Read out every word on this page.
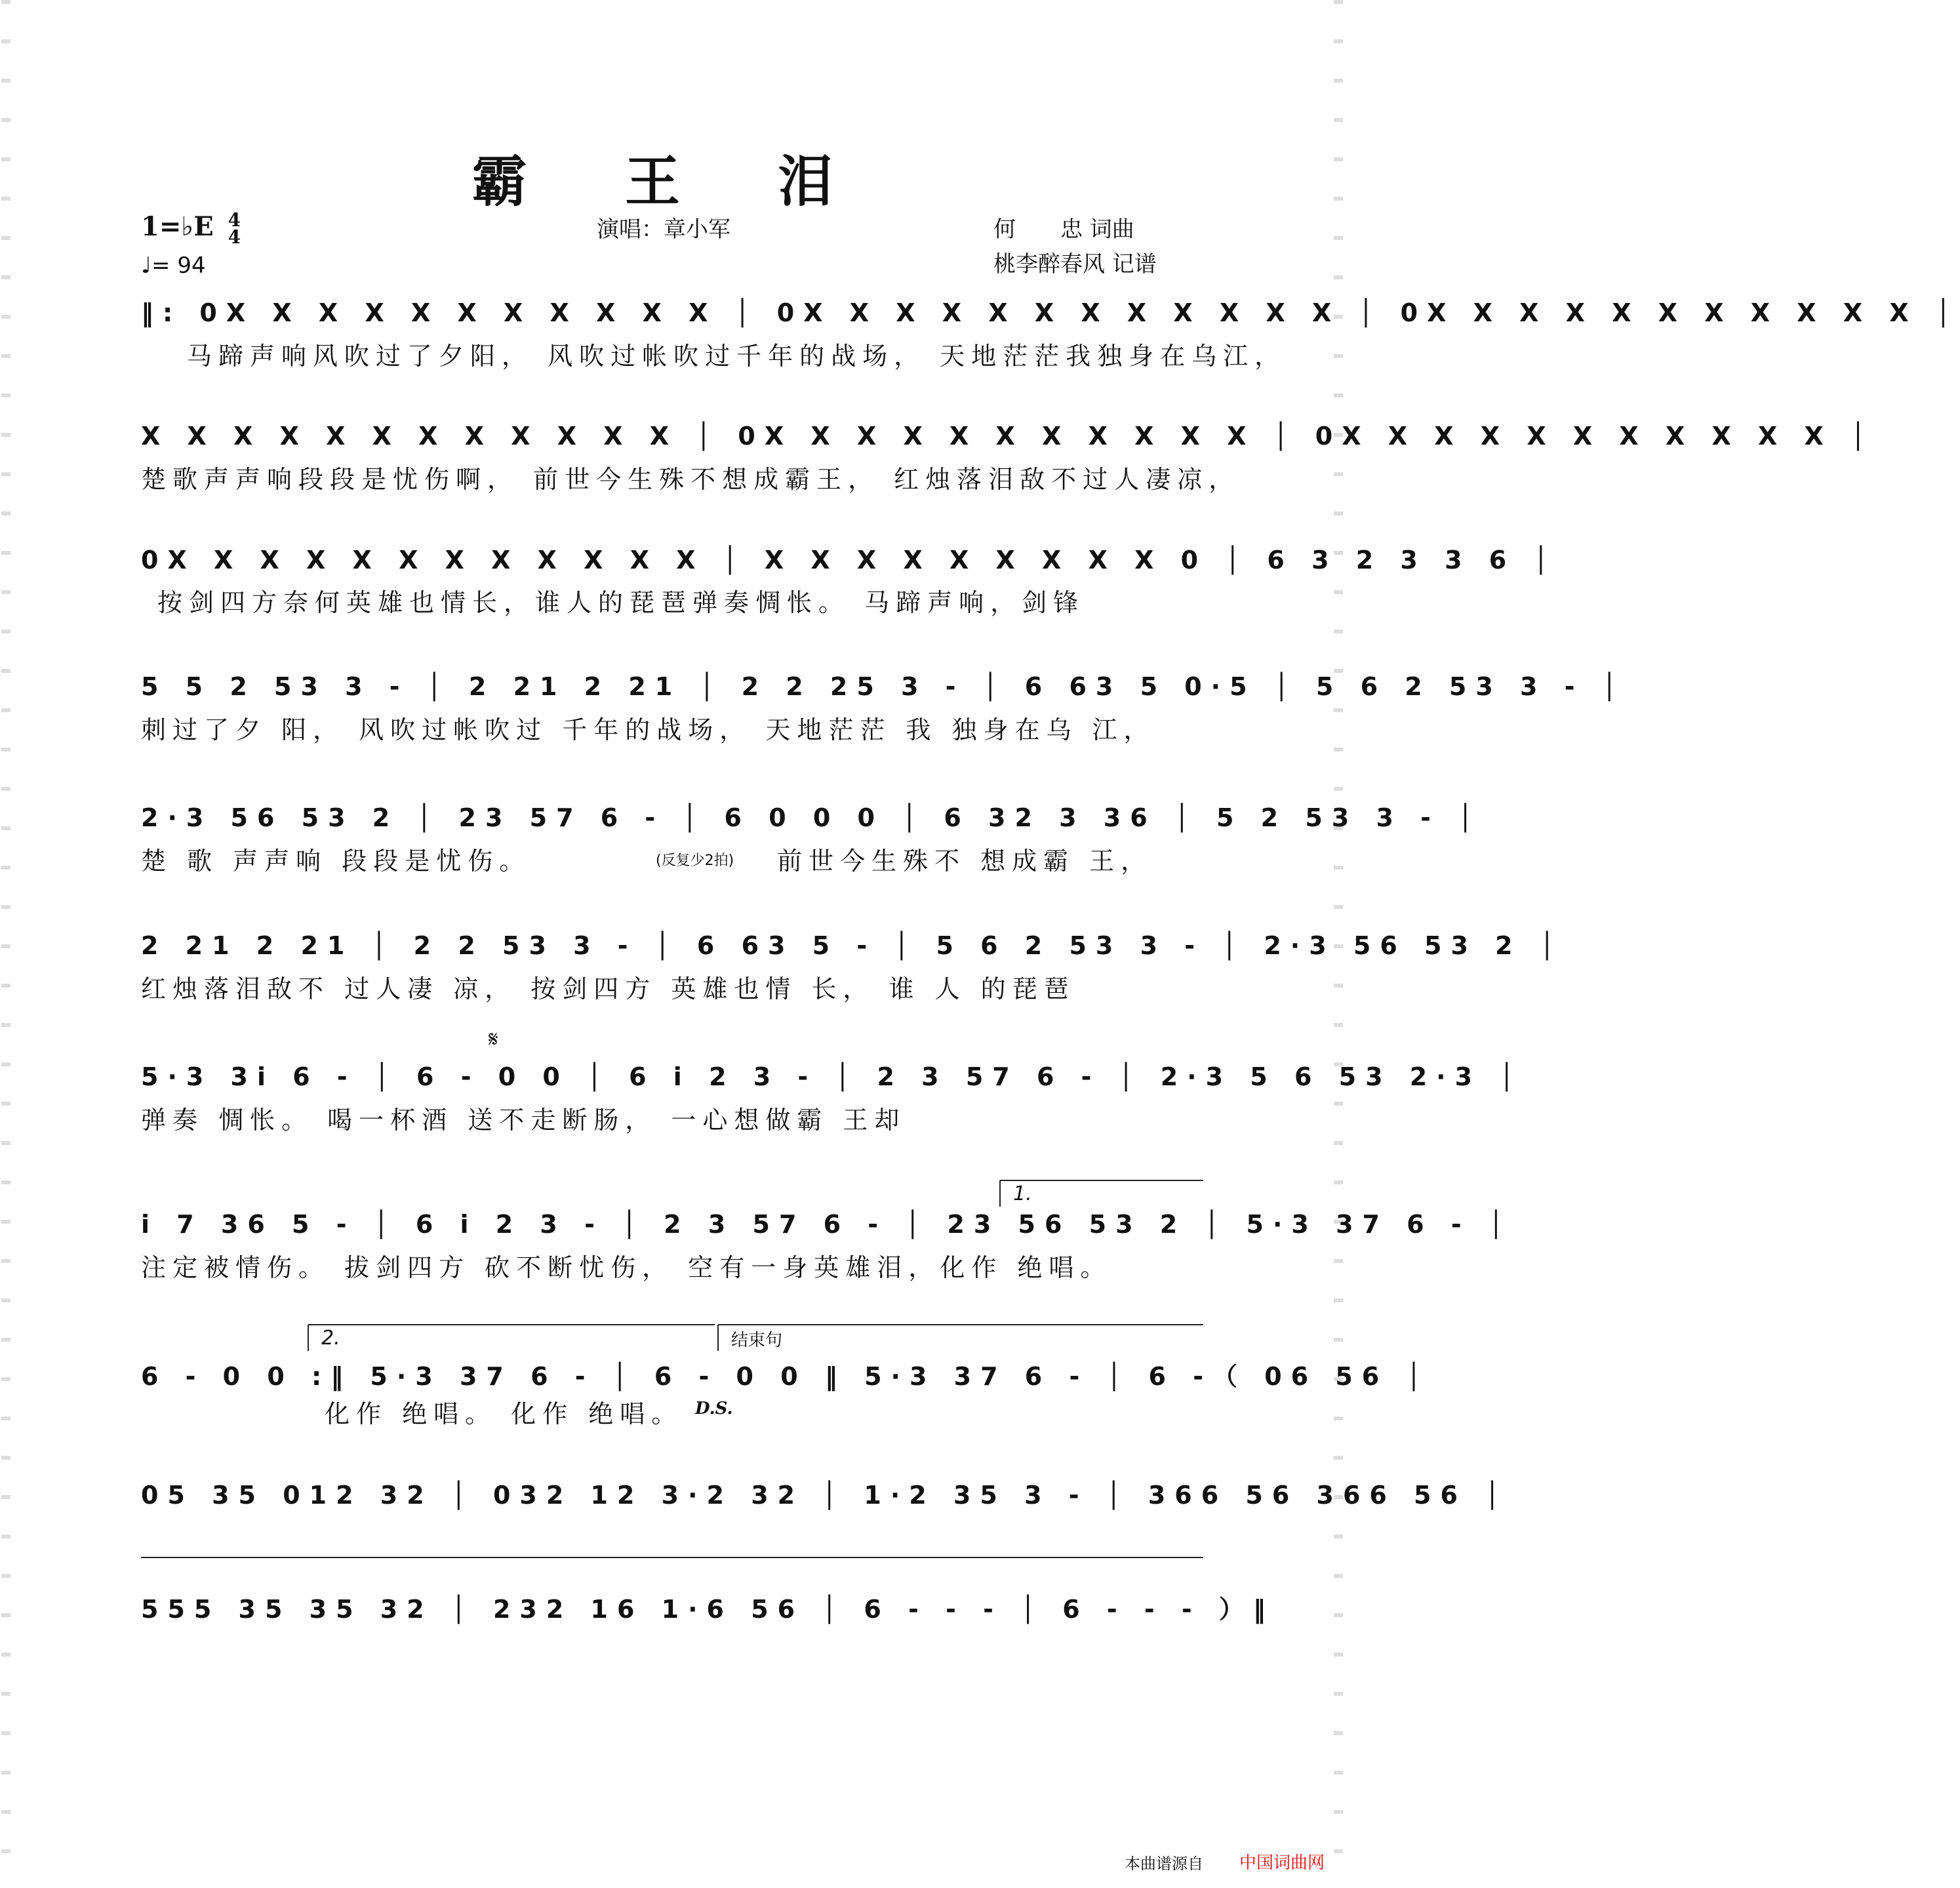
霸 王 泪
1=♭E 4
4
♩= 94
演唱：章小军	何　　忠 词曲
桃李醉春风 记谱
‖: 0X X X X X X X X X X X │ 0X X X X X X X X X X X X │ 0X X X X X X X X X X X │
马蹄声响风吹过了夕阳， 风吹过帐吹过千年的战场， 天地茫茫我独身在乌江，
X X X X X X X X X X X X │ 0X X X X X X X X X X X │ 0X X X X X X X X X X X │
楚歌声声响段段是忧伤啊， 前世今生殊不想成霸王， 红烛落泪敌不过人凄凉，
0X X X X X X X X X X X X │ X X X X X X X X X 0 │ 6 3 2 3 3 6 │
按剑四方奈何英雄也情长，谁人的琵琶弹奏惆怅。 马蹄声响，剑锋
5 5 2 53 3 - │ 2 21 2 21 │ 2 2 25 3 - │ 6 63 5 0·5 │ 5 6 2 53 3 - │
刺过了夕 阳， 风吹过帐吹过 千年的战场， 天地茫茫 我 独身在乌 江，
2·3 56 53 2 │ 23 57 6 - │ 6 0 0 0 │ 6 32 3 36 │ 5 2 53 3 - │
楚 歌 声声响 段段是忧伤。	(反复少2拍) 前世今生殊不 想成霸 王，
2 21 2 21 │ 2 2 53 3 - │ 6 63 5 - │ 5 6 2 53 3 - │ 2·3 56 53 2 │
红烛落泪敌不 过人凄 凉， 按剑四方 英雄也情 长， 谁 人 的琵琶
𝄋
5·3 3i 6 - │ 6 - 0 0 │ 6 i 2 3 - │ 2 3 57 6 - │ 2·3 5 6 53 2·3 │
弹奏 惆怅。 喝一杯酒 送不走断肠， 一心想做霸 王却
1.
i 7 36 5 - │ 6 i 2 3 - │ 2 3 57 6 - │ 23 56 53 2 │ 5·3 37 6 - │
注定被情伤。 拔剑四方 砍不断忧伤， 空有一身英雄泪，化作 绝唱。
2.	结束句
6 - 0 0 :‖ 5·3 37 6 - │ 6 - 0 0 ‖ 5·3 37 6 - │ 6 -（ 06 56 │
化作 绝唱。 化作 绝唱。 D.S.
05 35 012 32 │ 032 12 3·2 32 │ 1·2 35 3 - │ 366 56 366 56 │
555 35 35 32 │ 232 16 1·6 56 │ 6 - - - │ 6 - - - ）‖
本曲谱源自 中国词曲网
